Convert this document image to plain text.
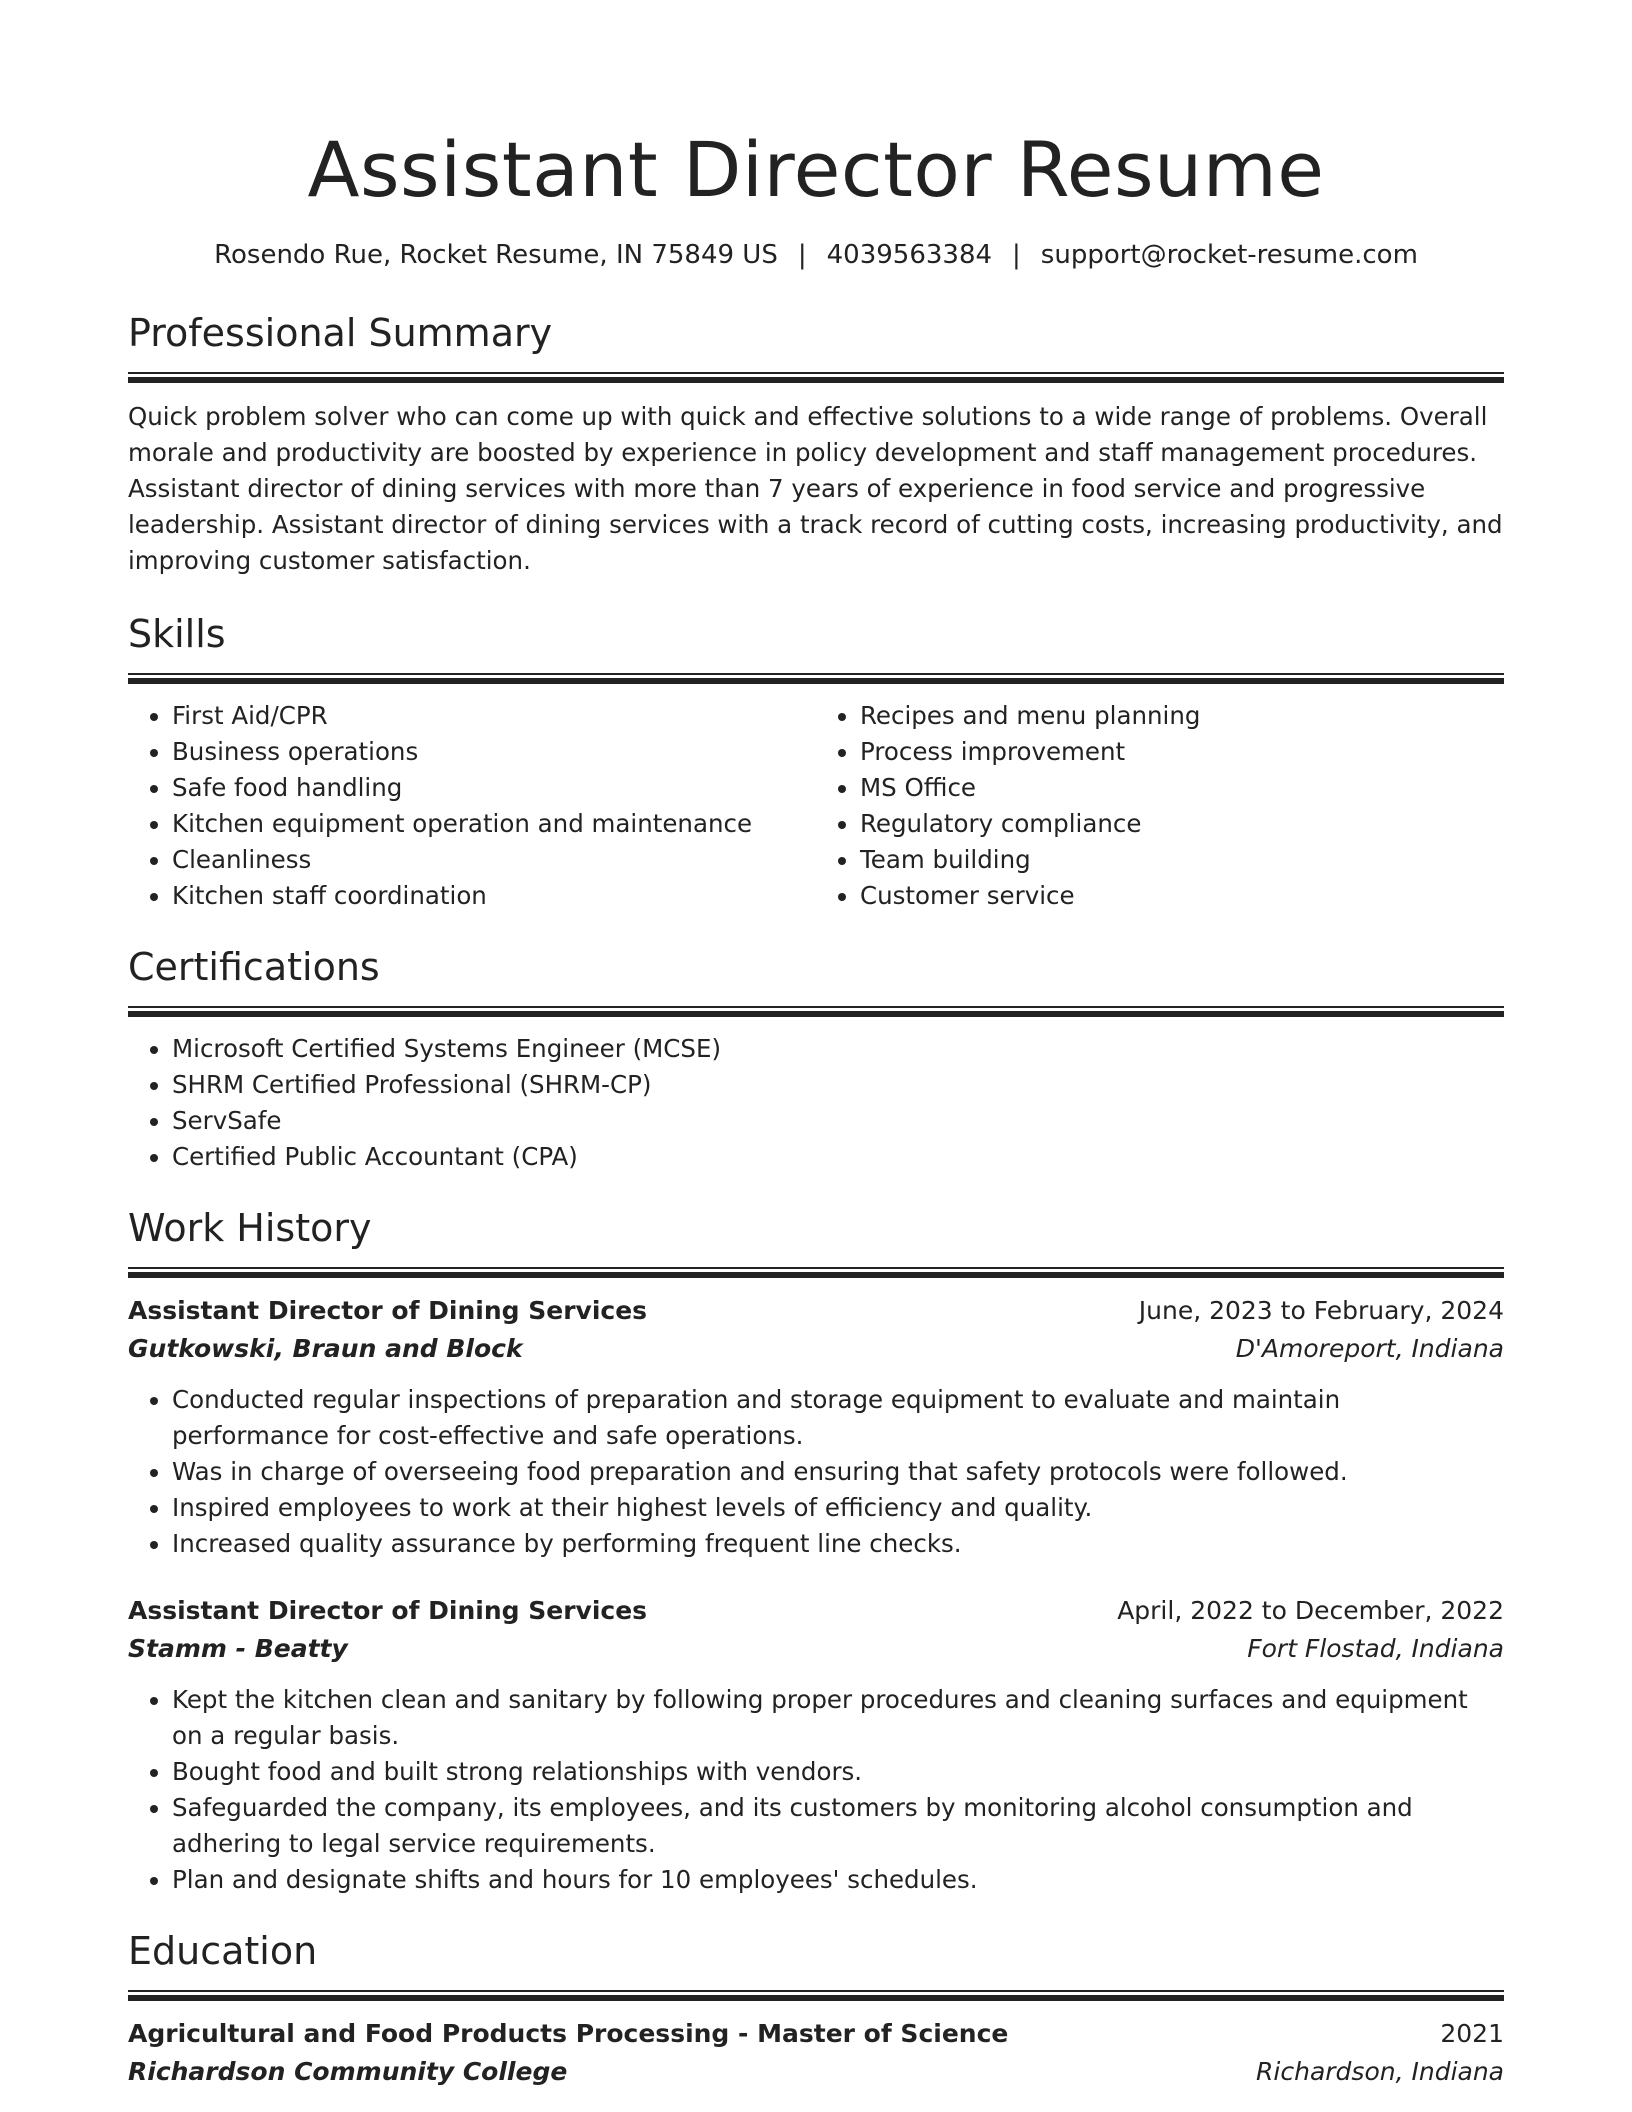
Assistant Director Resume
Rosendo Rue, Rocket Resume, IN 75849 US | 4039563384 | support@rocket-resume.com
Professional Summary

Quick problem solver who can come up with quick and effective solutions to a wide range of problems. Overall morale and productivity are boosted by experience in policy development and staff management procedures. Assistant director of dining services with more than 7 years of experience in food service and progressive leadership. Assistant director of dining services with a track record of cutting costs, increasing productivity, and improving customer satisfaction.

Skills
• First Aid/CPR
• Business operations
• Safe food handling
• Kitchen equipment operation and maintenance
• Cleanliness
• Kitchen staff coordination
• Recipes and menu planning
• Process improvement
• MS Office
• Regulatory compliance
• Team building
• Customer service
Certifications
• Microsoft Certified Systems Engineer (MCSE)
• SHRM Certified Professional (SHRM-CP)
• ServSafe
• Certified Public Accountant (CPA)
Work History
Assistant Director of Dining Services	June, 2023 to February, 2024
Gutkowski, Braun and Block	D'Amoreport, Indiana
• Conducted regular inspections of preparation and storage equipment to evaluate and maintain performance for cost-effective and safe operations.
• Was in charge of overseeing food preparation and ensuring that safety protocols were followed.
• Inspired employees to work at their highest levels of efficiency and quality.
• Increased quality assurance by performing frequent line checks.
Assistant Director of Dining Services	April, 2022 to December, 2022
Stamm - Beatty	Fort Flostad, Indiana
• Kept the kitchen clean and sanitary by following proper procedures and cleaning surfaces and equipment on a regular basis.
• Bought food and built strong relationships with vendors.
• Safeguarded the company, its employees, and its customers by monitoring alcohol consumption and adhering to legal service requirements.
• Plan and designate shifts and hours for 10 employees' schedules.
Education
Agricultural and Food Products Processing - Master of Science	2021
Richardson Community College	Richardson, Indiana
